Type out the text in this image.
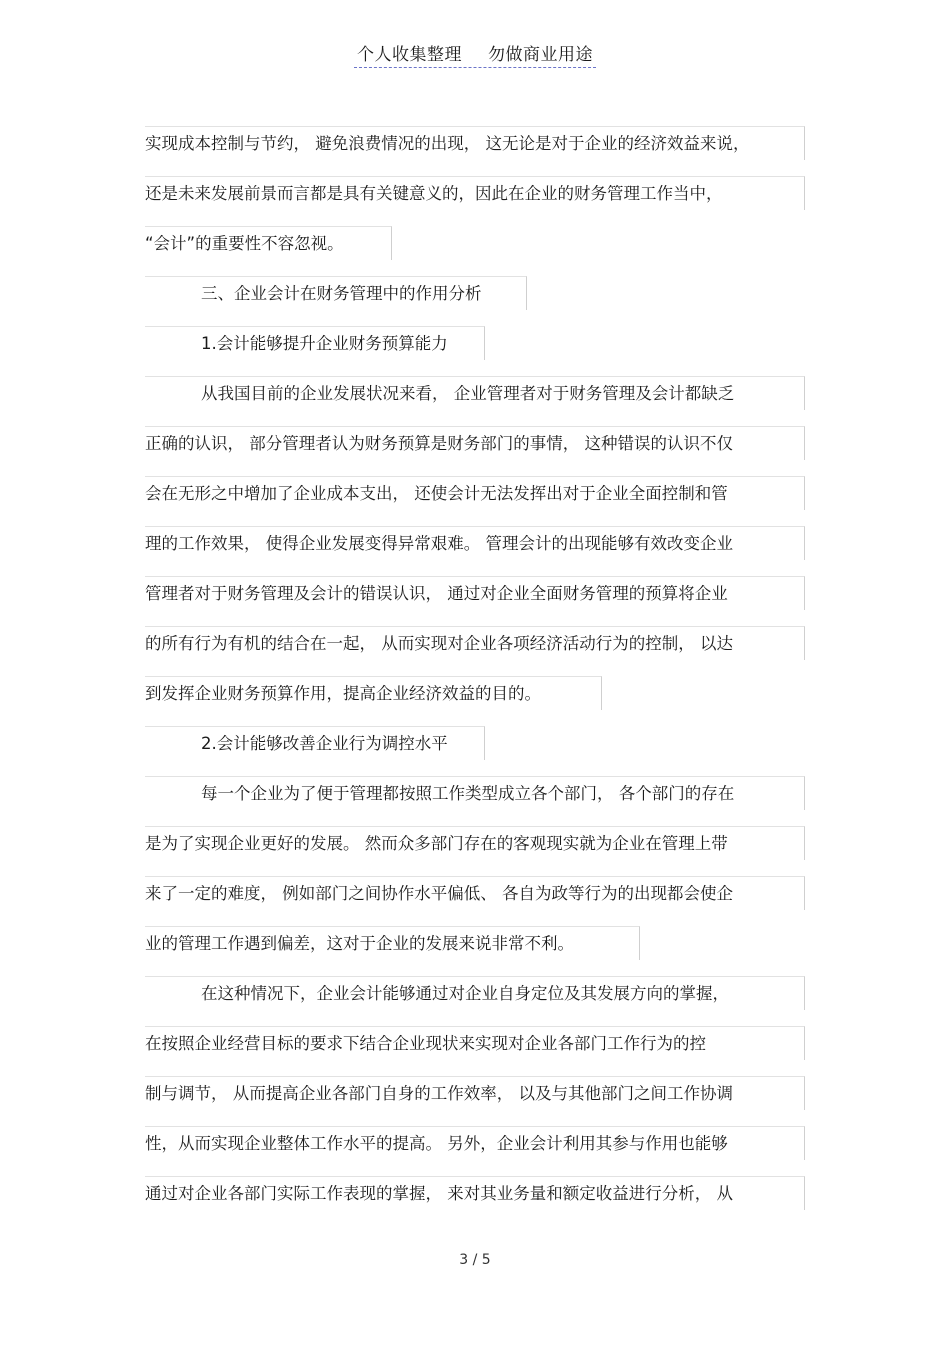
个人收集整理 勿做商业用途
实现成本控制与节约， 避免浪费情况的出现， 这无论是对于企业的经济效益来说，
还是未来发展前景而言都是具有关键意义的，因此在企业的财务管理工作当中，
“会计”的重要性不容忽视。
三、企业会计在财务管理中的作用分析
1.会计能够提升企业财务预算能力
从我国目前的企业发展状况来看， 企业管理者对于财务管理及会计都缺乏
正确的认识， 部分管理者认为财务预算是财务部门的事情， 这种错误的认识不仅
会在无形之中增加了企业成本支出， 还使会计无法发挥出对于企业全面控制和管
理的工作效果， 使得企业发展变得异常艰难。 管理会计的出现能够有效改变企业
管理者对于财务管理及会计的错误认识， 通过对企业全面财务管理的预算将企业
的所有行为有机的结合在一起， 从而实现对企业各项经济活动行为的控制， 以达
到发挥企业财务预算作用，提高企业经济效益的目的。
2.会计能够改善企业行为调控水平
每一个企业为了便于管理都按照工作类型成立各个部门， 各个部门的存在
是为了实现企业更好的发展。 然而众多部门存在的客观现实就为企业在管理上带
来了一定的难度， 例如部门之间协作水平偏低、 各自为政等行为的出现都会使企
业的管理工作遇到偏差，这对于企业的发展来说非常不利。
在这种情况下，企业会计能够通过对企业自身定位及其发展方向的掌握，
在按照企业经营目标的要求下结合企业现状来实现对企业各部门工作行为的控
制与调节， 从而提高企业各部门自身的工作效率， 以及与其他部门之间工作协调
性，从而实现企业整体工作水平的提高。 另外，企业会计利用其参与作用也能够
通过对企业各部门实际工作表现的掌握， 来对其业务量和额定收益进行分析， 从
3 / 5
